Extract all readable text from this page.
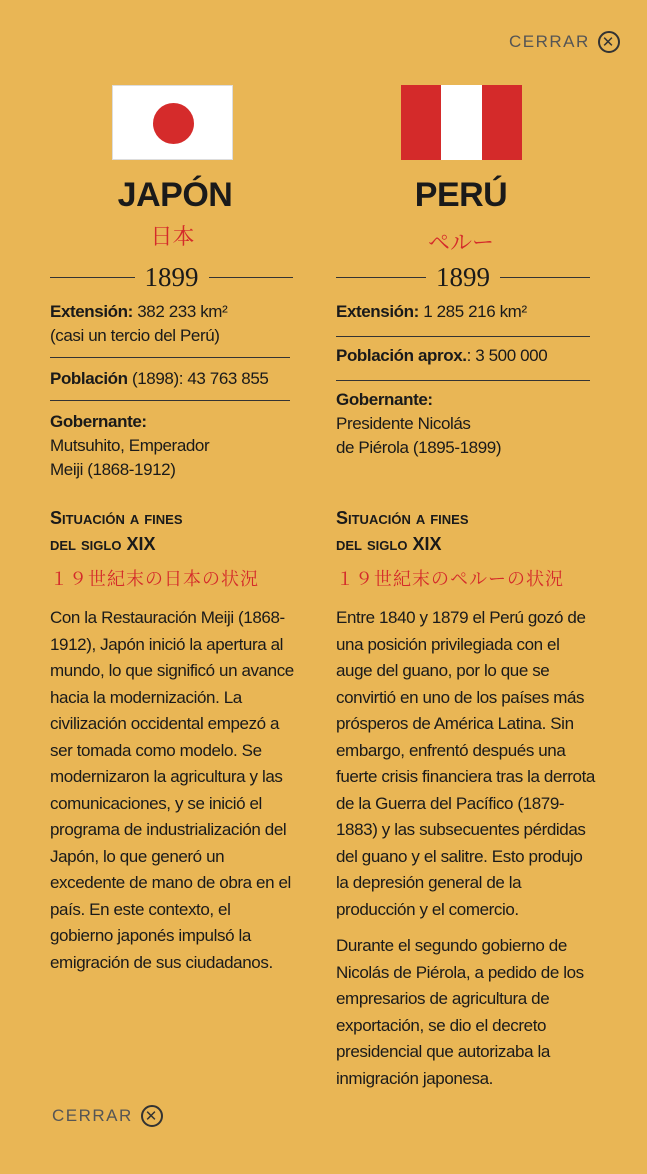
CERRAR ✕
JAPÓN	PERÚ
日本	ペルー
1899	1899
Extensión: 382 233 km²
(casi un tercio del Perú)
Población (1898): 43 763 855
Gobernante:
Mutsuhito, Emperador
Meiji (1868-1912)
Extensión: 1 285 216 km²
Población aprox.: 3 500 000
Gobernante:
Presidente Nicolás
de Piérola (1895-1899)
Situación a fines
del siglo XIX
Situación a fines
del siglo XIX
１９世紀末の日本の状況	１９世紀末のペルーの状況

Con la Restauración Meiji (1868-1912), Japón inició la apertura al mundo, lo que significó un avance hacia la modernización. La civilización occidental empezó a ser tomada como modelo. Se modernizaron la agricultura y las comunicaciones, y se inició el programa de industrialización del Japón, lo que generó un excedente de mano de obra en el país. En este contexto, el gobierno japonés impulsó la emigración de sus ciudadanos.

Entre 1840 y 1879 el Perú gozó de una posición privilegiada con el auge del guano, por lo que se convirtió en uno de los países más prósperos de América Latina. Sin embargo, enfrentó después una fuerte crisis financiera tras la derrota de la Guerra del Pacífico (1879-1883) y las subsecuentes pérdidas del guano y el salitre. Esto produjo la depresión general de la producción y el comercio.

Durante el segundo gobierno de Nicolás de Piérola, a pedido de los empresarios de agricultura de exportación, se dio el decreto presidencial que autorizaba la inmigración japonesa.

CERRAR ✕
